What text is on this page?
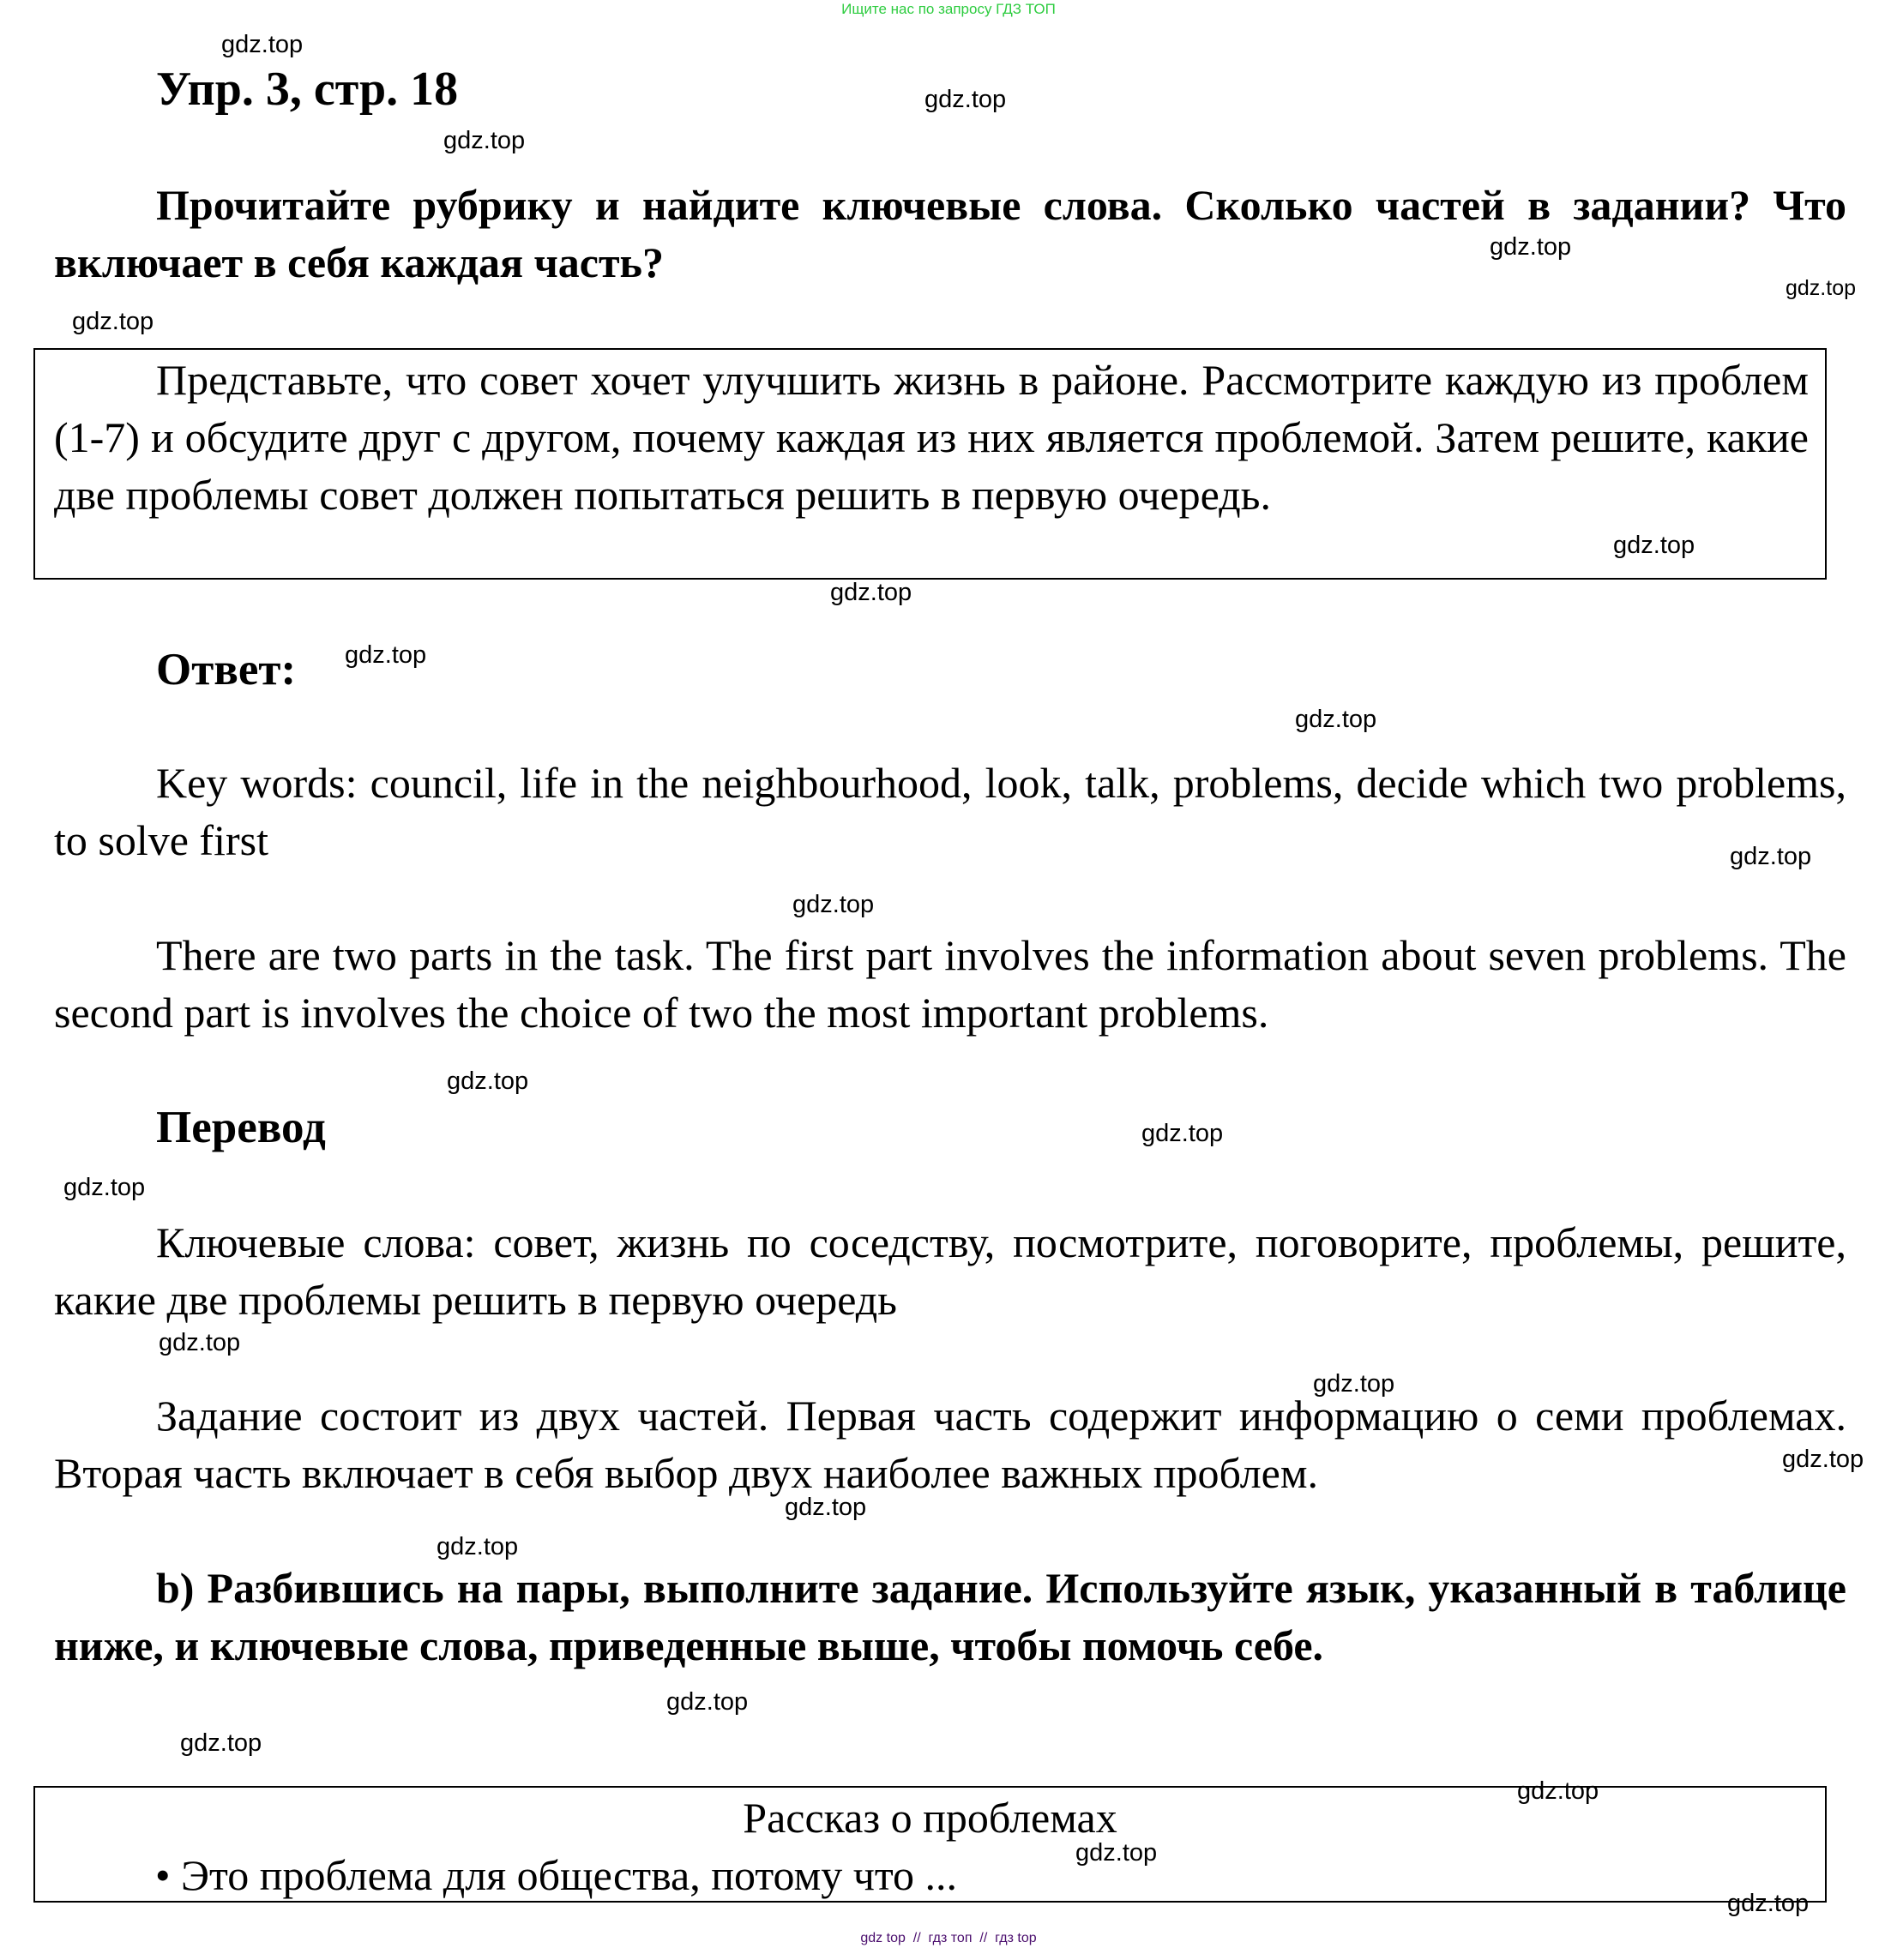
Ищите нас по запросу ГДЗ ТОП
Упр. 3, стр. 18

Прочитайте рубрику и найдите ключевые слова. Сколько частей в задании? Что включает в себя каждая часть?

Представьте, что совет хочет улучшить жизнь в районе. Рассмотрите каждую из проблем (1-7) и обсудите друг с другом, почему каждая из них является проблемой. Затем решите, какие две проблемы совет должен попытаться решить в первую очередь.

Ответ:

Key words: council, life in the neighbourhood, look, talk, problems, decide which two problems, to solve first

There are two parts in the task. The first part involves the information about seven problems. The second part is involves the choice of two the most important problems.

Перевод

Ключевые слова: совет, жизнь по соседству, посмотрите, поговорите, проблемы, решите, какие две проблемы решить в первую очередь

Задание состоит из двух частей. Первая часть содержит информацию о семи проблемах. Вторая часть включает в себя выбор двух наиболее важных проблем.

b) Разбившись на пары, выполните задание. Используйте язык, указанный в таблице ниже, и ключевые слова, приведенные выше, чтобы помочь себе.

Рассказ о проблемах
• Это проблема для общества, потому что ...
gdz.top
gdz.top
gdz.top
gdz.top
gdz.top
gdz.top
gdz.top
gdz.top
gdz.top
gdz.top
gdz.top
gdz.top
gdz.top
gdz.top
gdz.top
gdz.top
gdz.top
gdz.top
gdz.top
gdz.top
gdz.top
gdz.top
gdz.top
gdz.top
gdz.top
gdz top  //  гдз топ  //  гдз top
